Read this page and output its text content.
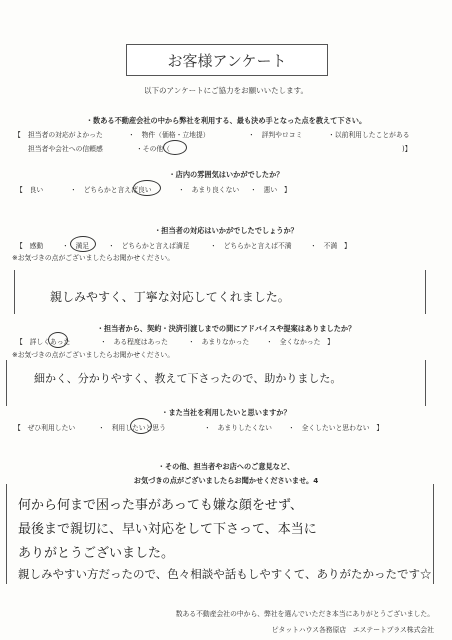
お客様アンケート
以下のアンケートにご協力をお願いいたします。
・数ある不動産会社の中から弊社を利用する、最も決め手となった点を教えて下さい。
【 担当者の対応がよかった	・　物件（価格・立地提）	・　評判やロコミ	・以前利用したことがある
担当者や会社への信頼感	・その他（	)】
・店内の雰囲気はいかがでしたか？
【　良い	・　どちらかと言えば良い	・　あまり良くない ・　悪い　】
・担当者の対応はいかがでしたでしょうか？
【　感動	・　満足	・　どちらかと言えば満足	・　どちらかと言えば不満	・　不満　】
※お気づきの点がございましたらお聞かせください。
親しみやすく、丁寧な対応してくれました。
・担当者から、契約・決済引渡しまでの間にアドバイスや提案はありましたか？
【　詳しくあった	・　ある程度はあった	・　あまりなかった ・　全くなかった　】
※お気づきの点がございましたらお聞かせください。
細かく、分かりやすく、教えて下さったので、助かりました。
・また当社を利用したいと思いますか？
【　ぜひ利用したい	・　利用したいと思う	・　あまりしたくない ・　全くしたいと思わない　】
・その他、担当者やお店へのご意見など、
お気づきの点がございましたらお聞かせくださいませ。4
何から何まで困った事があっても嫌な顔をせず、
最後まで親切に、早い対応をして下さって、本当に
ありがとうございました。
親しみやすい方だったので、色々相談や話もしやすくて、ありがたかったです☆
数ある不動産会社の中から、弊社を選んでいただき本当にありがとうございました。
ピタットハウス各務原店　エステートプラス株式会社
